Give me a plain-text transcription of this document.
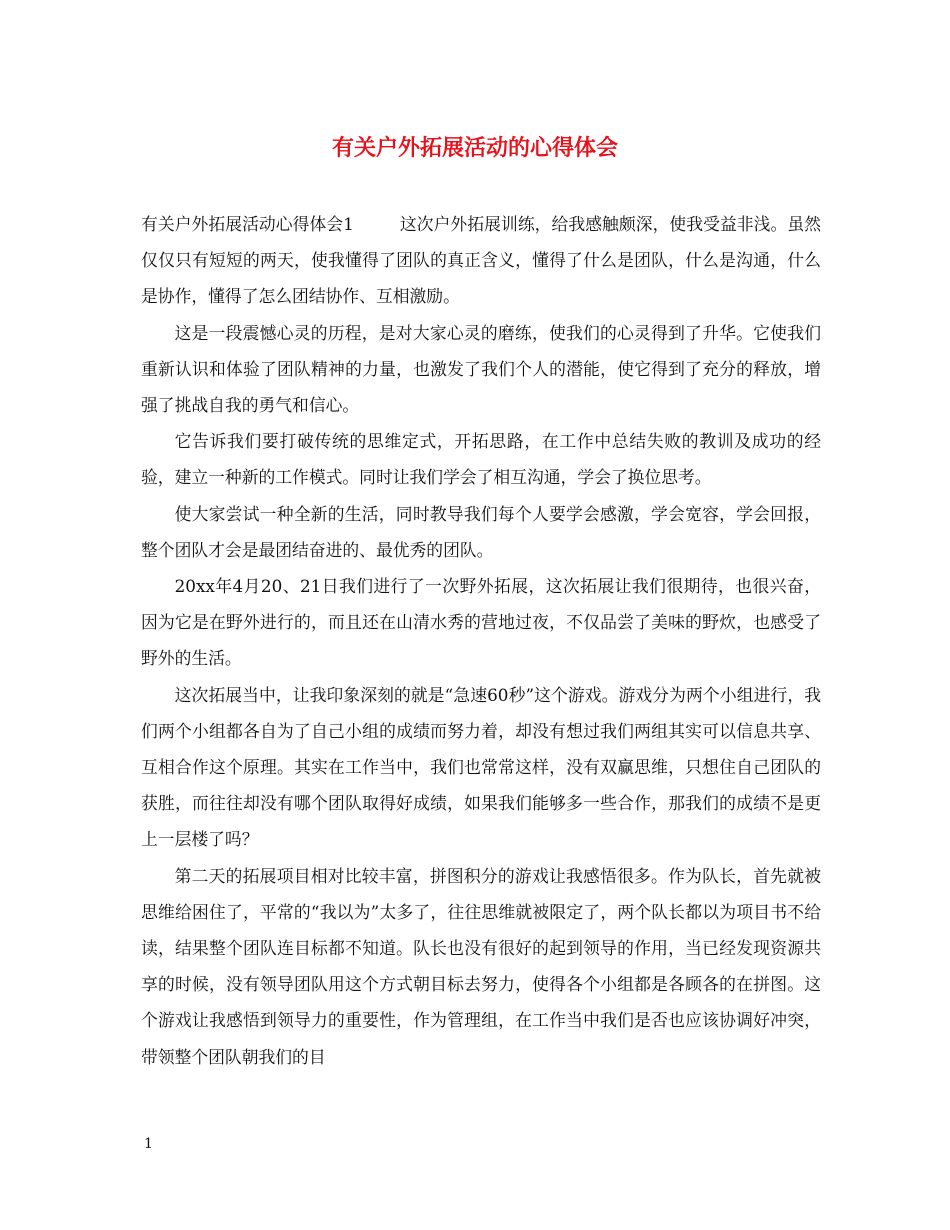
有关户外拓展活动的心得体会

有关户外拓展活动心得体会1	这次户外拓展训练，给我感触颇深，使我受益非浅。虽然仅仅只有短短的两天，使我懂得了团队的真正含义，懂得了什么是团队，什么是沟通，什么是协作，懂得了怎么团结协作、互相激励。

这是一段震憾心灵的历程，是对大家心灵的磨练，使我们的心灵得到了升华。它使我们重新认识和体验了团队精神的力量，也激发了我们个人的潜能，使它得到了充分的释放，增强了挑战自我的勇气和信心。

它告诉我们要打破传统的思维定式，开拓思路，在工作中总结失败的教训及成功的经验，建立一种新的工作模式。同时让我们学会了相互沟通，学会了换位思考。

使大家尝试一种全新的生活，同时教导我们每个人要学会感激，学会宽容，学会回报，整个团队才会是最团结奋进的、最优秀的团队。

20xx年4月20、21日我们进行了一次野外拓展，这次拓展让我们很期待，也很兴奋，因为它是在野外进行的，而且还在山清水秀的营地过夜，不仅品尝了美味的野炊，也感受了野外的生活。

这次拓展当中，让我印象深刻的就是“急速60秒”这个游戏。游戏分为两个小组进行，我们两个小组都各自为了自己小组的成绩而努力着，却没有想过我们两组其实可以信息共享、互相合作这个原理。其实在工作当中，我们也常常这样，没有双赢思维，只想住自己团队的获胜，而往往却没有哪个团队取得好成绩，如果我们能够多一些合作，那我们的成绩不是更上一层楼了吗？

第二天的拓展项目相对比较丰富，拼图积分的游戏让我感悟很多。作为队长，首先就被思维给困住了，平常的“我以为”太多了，往往思维就被限定了，两个队长都以为项目书不给读，结果整个团队连目标都不知道。队长也没有很好的起到领导的作用，当已经发现资源共享的时候，没有领导团队用这个方式朝目标去努力，使得各个小组都是各顾各的在拼图。这个游戏让我感悟到领导力的重要性，作为管理组，在工作当中我们是否也应该协调好冲突，带领整个团队朝我们的目

1
